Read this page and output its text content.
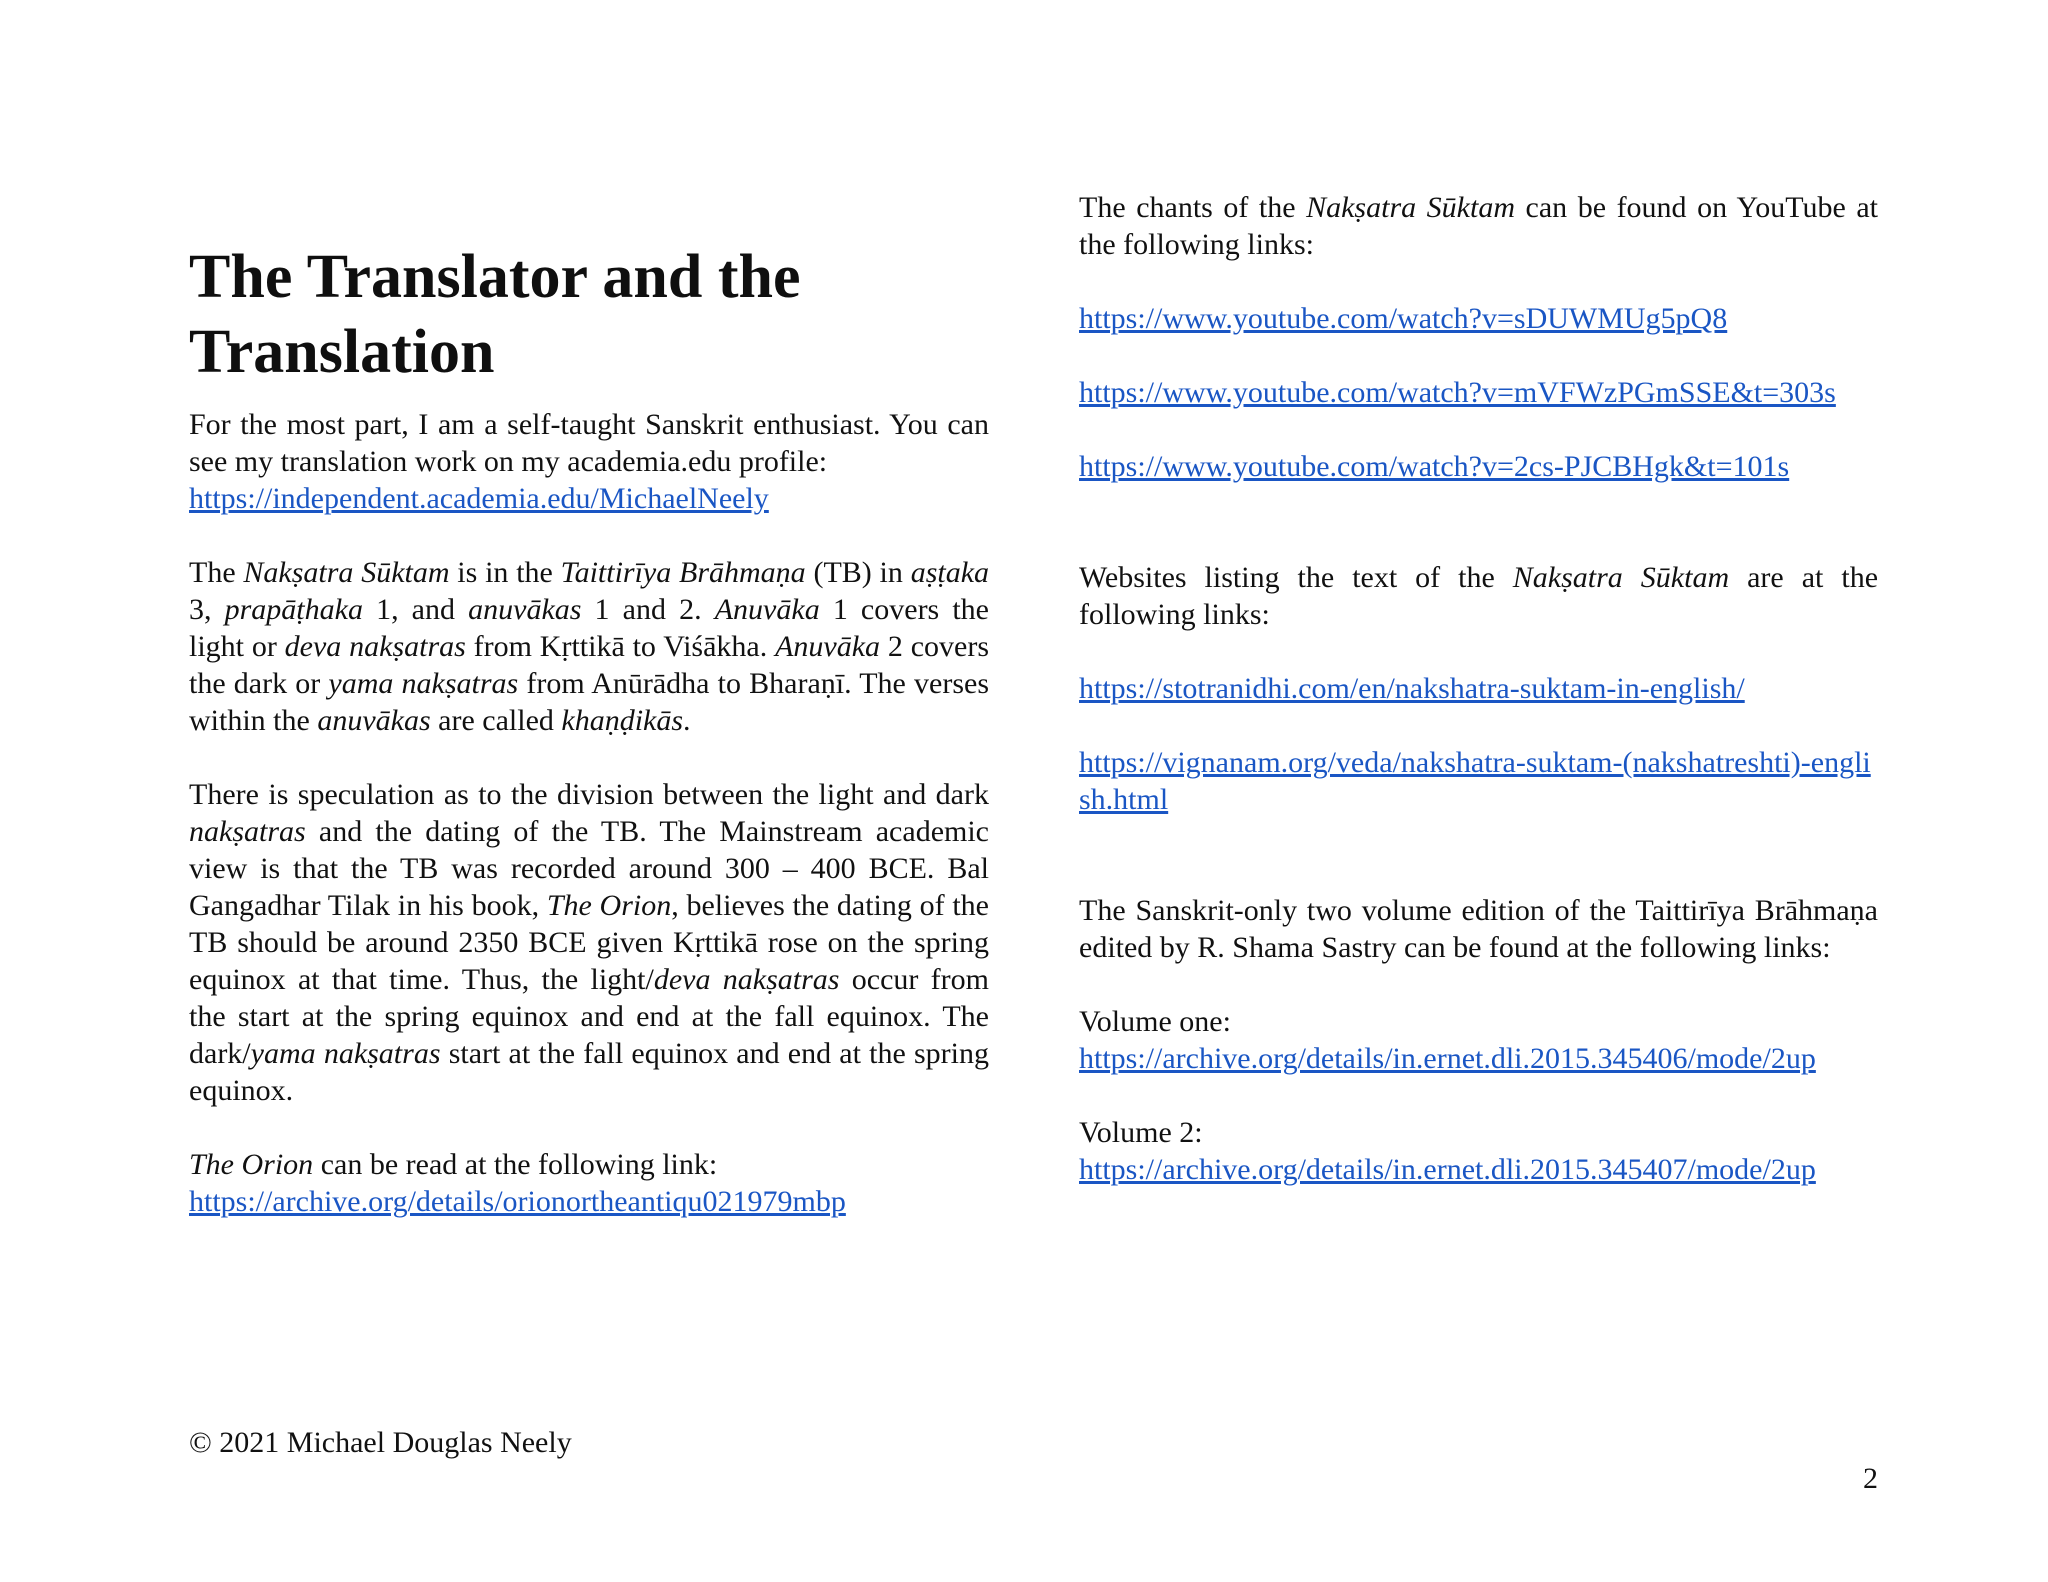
The Translator and the Translation

For the most part, I am a self-taught Sanskrit enthusiast. You can see my translation work on my academia.edu profile:
https://independent.academia.edu/MichaelNeely

The Nakṣatra Sūktam is in the Taittirīya Brāhmaṇa (TB) in aṣṭaka 3, prapāṭhaka 1, and anuvākas 1 and 2. Anuvāka 1 covers the light or deva nakṣatras from Kṛttikā to Viśākha. Anuvāka 2 covers the dark or yama nakṣatras from Anūrādha to Bharaṇī. The verses within the anuvākas are called khaṇḍikās.

There is speculation as to the division between the light and dark nakṣatras and the dating of the TB. The Mainstream academic view is that the TB was recorded around 300 – 400 BCE. Bal Gangadhar Tilak in his book, The Orion, believes the dating of the TB should be around 2350 BCE given Kṛttikā rose on the spring equinox at that time. Thus, the light/deva nakṣatras occur from the start at the spring equinox and end at the fall equinox. The dark/yama nakṣatras start at the fall equinox and end at the spring equinox.

The Orion can be read at the following link:
https://archive.org/details/orionortheantiqu021979mbp

The chants of the Nakṣatra Sūktam can be found on YouTube at the following links:

https://www.youtube.com/watch?v=sDUWMUg5pQ8
https://www.youtube.com/watch?v=mVFWzPGmSSE&t=303s
https://www.youtube.com/watch?v=2cs-PJCBHgk&t=101s

Websites listing the text of the Nakṣatra Sūktam are at the following links:

https://stotranidhi.com/en/nakshatra-suktam-in-english/
https://vignanam.org/veda/nakshatra-suktam-(nakshatreshti)-english.html

The Sanskrit-only two volume edition of the Taittirīya Brāhmaṇa edited by R. Shama Sastry can be found at the following links:

Volume one:
https://archive.org/details/in.ernet.dli.2015.345406/mode/2up
Volume 2:
https://archive.org/details/in.ernet.dli.2015.345407/mode/2up
© 2021 Michael Douglas Neely
2
